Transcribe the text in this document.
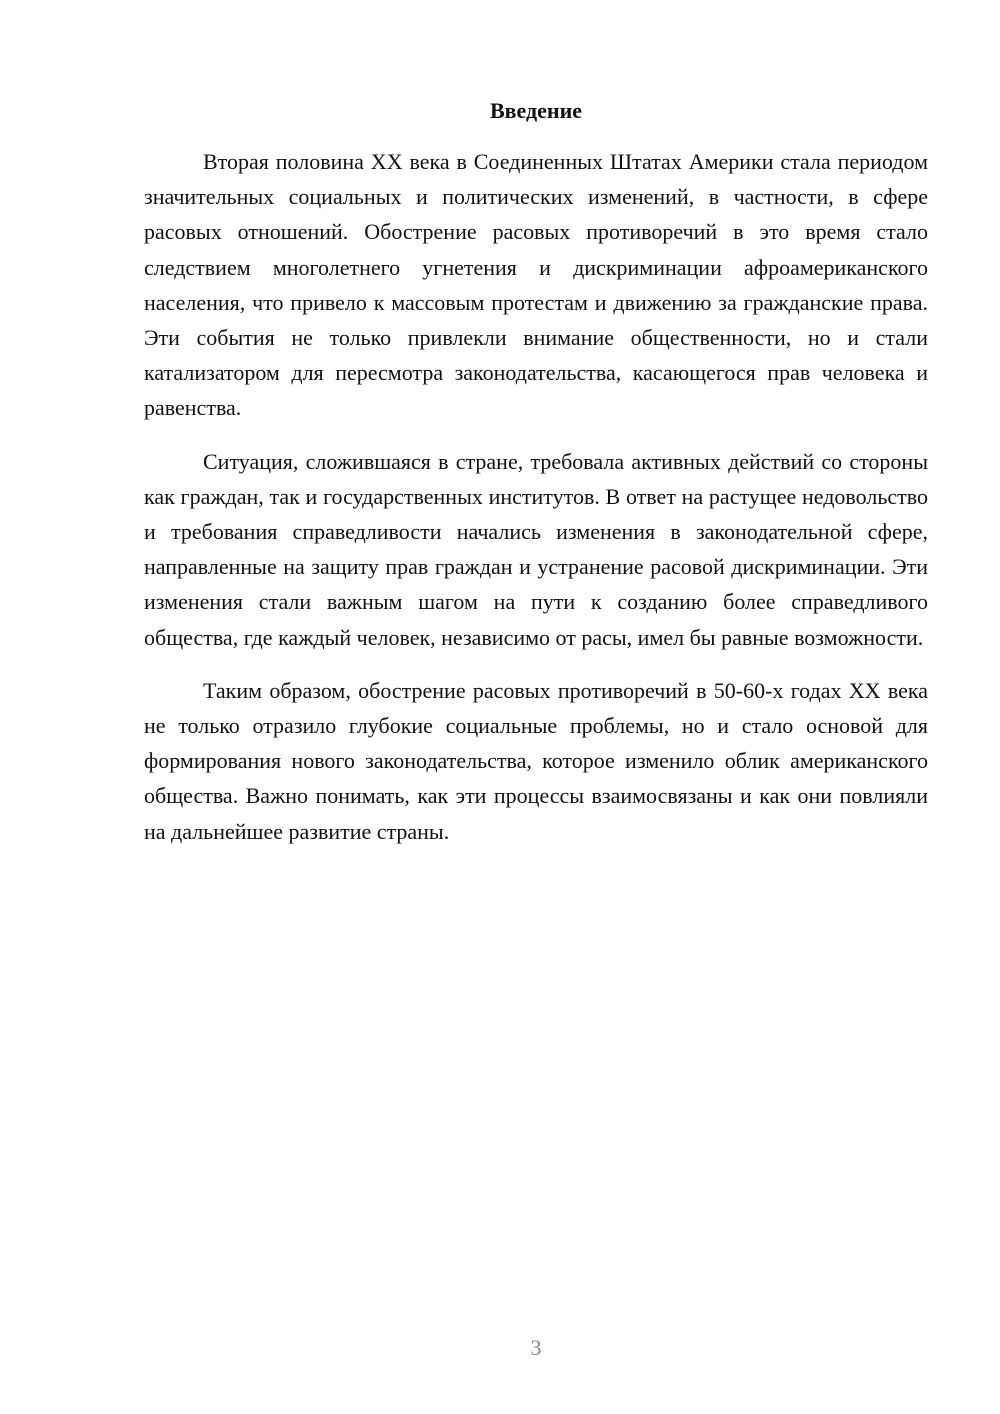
Введение

Вторая половина XX века в Соединенных Штатах Америки стала периодом значительных социальных и политических изменений, в частности, в сфере расовых отношений. Обострение расовых противоречий в это время стало следствием многолетнего угнетения и дискриминации афроамериканского населения, что привело к массовым протестам и движению за гражданские права. Эти события не только привлекли внимание общественности, но и стали катализатором для пересмотра законодательства, касающегося прав человека и равенства.

Ситуация, сложившаяся в стране, требовала активных действий со стороны как граждан, так и государственных институтов. В ответ на растущее недовольство и требования справедливости начались изменения в законодательной сфере, направленные на защиту прав граждан и устранение расовой дискриминации. Эти изменения стали важным шагом на пути к созданию более справедливого общества, где каждый человек, независимо от расы, имел бы равные возможности.

Таким образом, обострение расовых противоречий в 50-60-х годах XX века не только отразило глубокие социальные проблемы, но и стало основой для формирования нового законодательства, которое изменило облик американского общества. Важно понимать, как эти процессы взаимосвязаны и как они повлияли на дальнейшее развитие страны.

3
